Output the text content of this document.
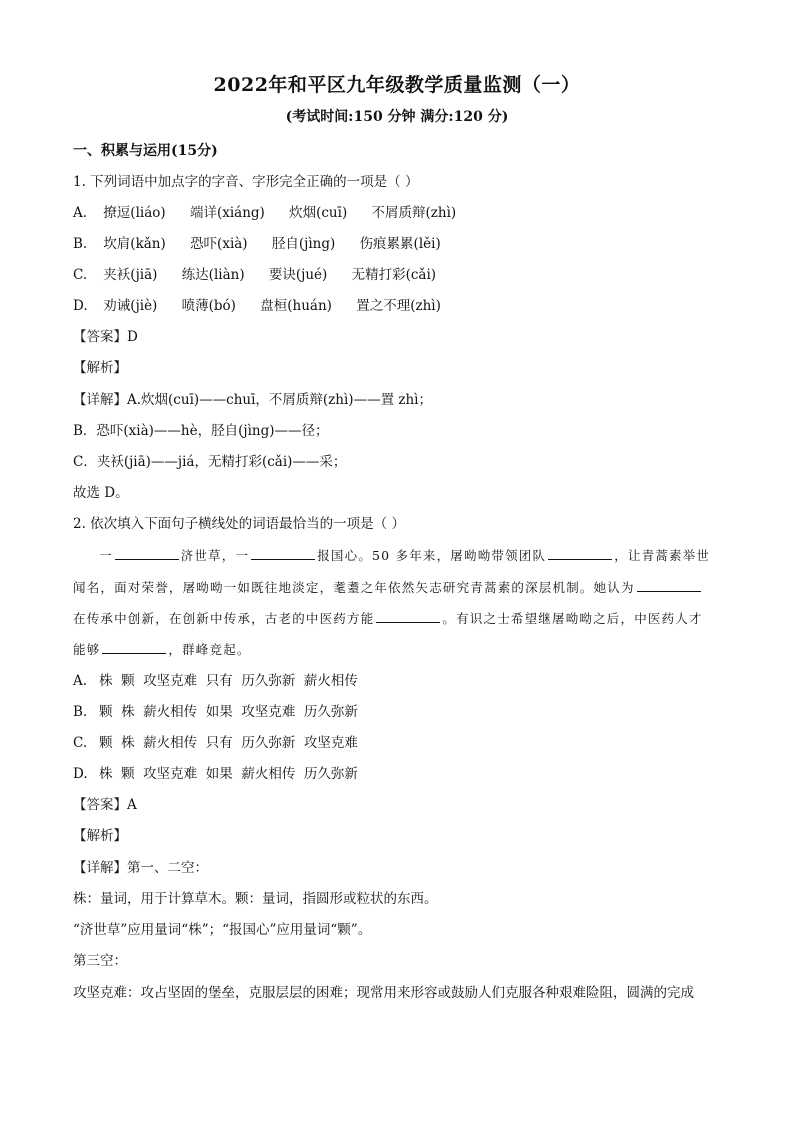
2022年和平区九年级教学质量监测（一）
(考试时间:150 分钟 满分:120 分)
一、积累与运用(15分)
1. 下列词语中加点字的字音、字形完全正确的一项是（ ）
A. 撩逗(liáo) 端详(xiáng) 炊烟(cuī) 不屑质辩(zhì)
B. 坎肩(kǎn) 恐吓(xià) 胫自(jìng) 伤痕累累(lěi)
C. 夹袄(jiā) 练达(liàn) 要诀(jué) 无精打彩(cǎi)
D. 劝诫(jiè) 喷薄(bó) 盘桓(huán) 置之不理(zhì)
【答案】D
【解析】
【详解】A.炊烟(cuī)——chuī，不屑质辩(zhì)——置 zhì；
B．恐吓(xià)——hè，胫自(jìng)——径；
C．夹袄(jiā)——jiá，无精打彩(cǎi)——采；
故选 D。
2. 依次填入下面句子横线处的词语最恰当的一项是（ ）
一	济世草，一	报国心。50 多年来，屠呦呦带领团队	，让青蒿素举世
闻名，面对荣誉，屠呦呦一如既往地淡定，耄耋之年依然矢志研究青蒿素的深层机制。她认为
在传承中创新，在创新中传承，古老的中医药方能	。有识之士希望继屠呦呦之后，中医药人才
能够	，群峰竞起。
A. 株  颗  攻坚克难  只有  历久弥新  薪火相传
B. 颗  株  薪火相传  如果  攻坚克难  历久弥新
C. 颗  株  薪火相传  只有  历久弥新  攻坚克难
D. 株  颗  攻坚克难  如果  薪火相传  历久弥新
【答案】A
【解析】
【详解】第一、二空：
株：量词，用于计算草木。颗：量词，指圆形或粒状的东西。
“济世草”应用量词“株”；“报国心”应用量词“颗”。
第三空：
攻坚克难：攻占坚固的堡垒，克服层层的困难；现常用来形容或鼓励人们克服各种艰难险阻，圆满的完成
